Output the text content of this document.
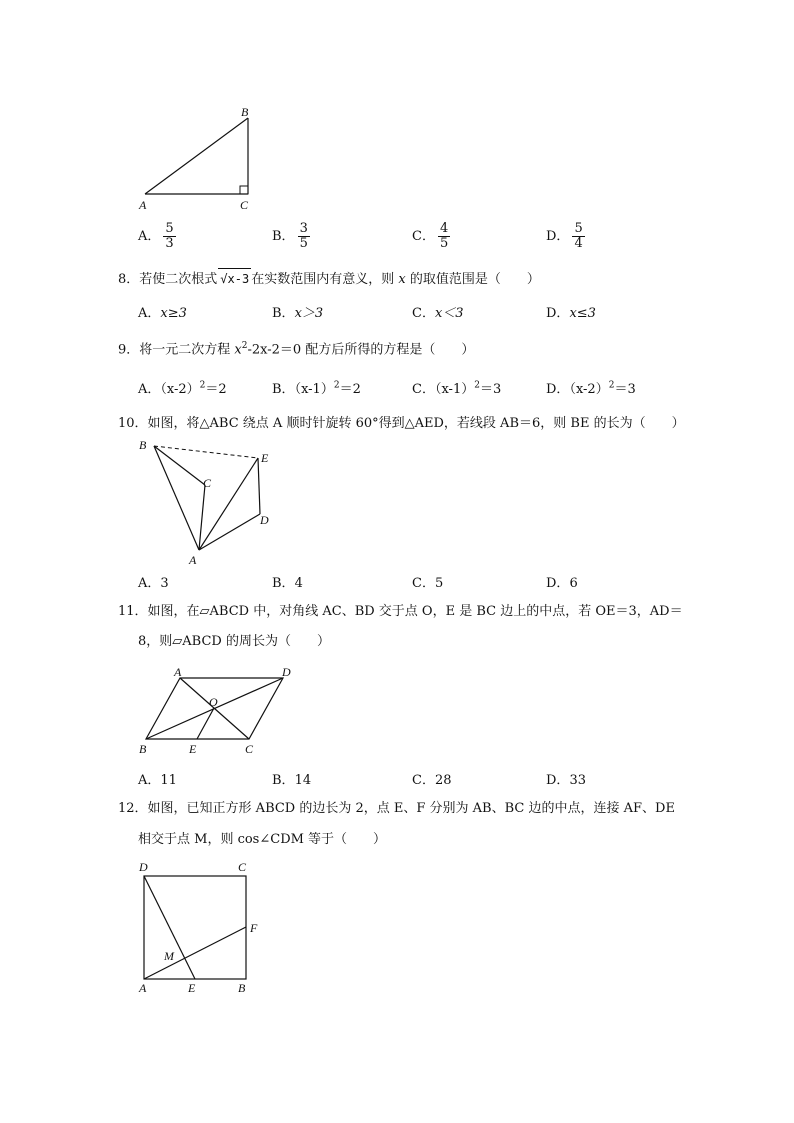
B
A	C
A． $\frac{5}{3}$	B． $\frac{3}{5}$	C． $\frac{4}{5}$	D． $\frac{5}{4}$
8．若使二次根式 √x-3 在实数范围内有意义，则 x 的取值范围是（　　）
A．x≥3	B．x＞3	C．x＜3	D．x≤3
9．将一元二次方程 $x^2-2x-2=0$ 配方后所得的方程是（　　）
A．$(x-2)^2=2$	B．$(x-1)^2=2$	C．$(x-1)^2=3$	D．$(x-2)^2=3$
10．如图，将△ABC 绕点 A 顺时针旋转 60°得到△AED，若线段 AB＝6，则 BE 的长为（　　）
B
C
E
D
A
A．3	B．4	C．5	D．6
11．如图，在▱ABCD 中，对角线 AC、BD 交于点 O，E 是 BC 边上的中点，若 OE＝3，AD＝
8，则▱ABCD 的周长为（　　）
A	D
O
B	E	C
A．11	B．14	C．28	D．33
12．如图，已知正方形 ABCD 的边长为 2，点 E、F 分别为 AB、BC 边的中点，连接 AF、DE
相交于点 M，则 cos∠CDM 等于（　　）
D	C
F
M
A	E	B
